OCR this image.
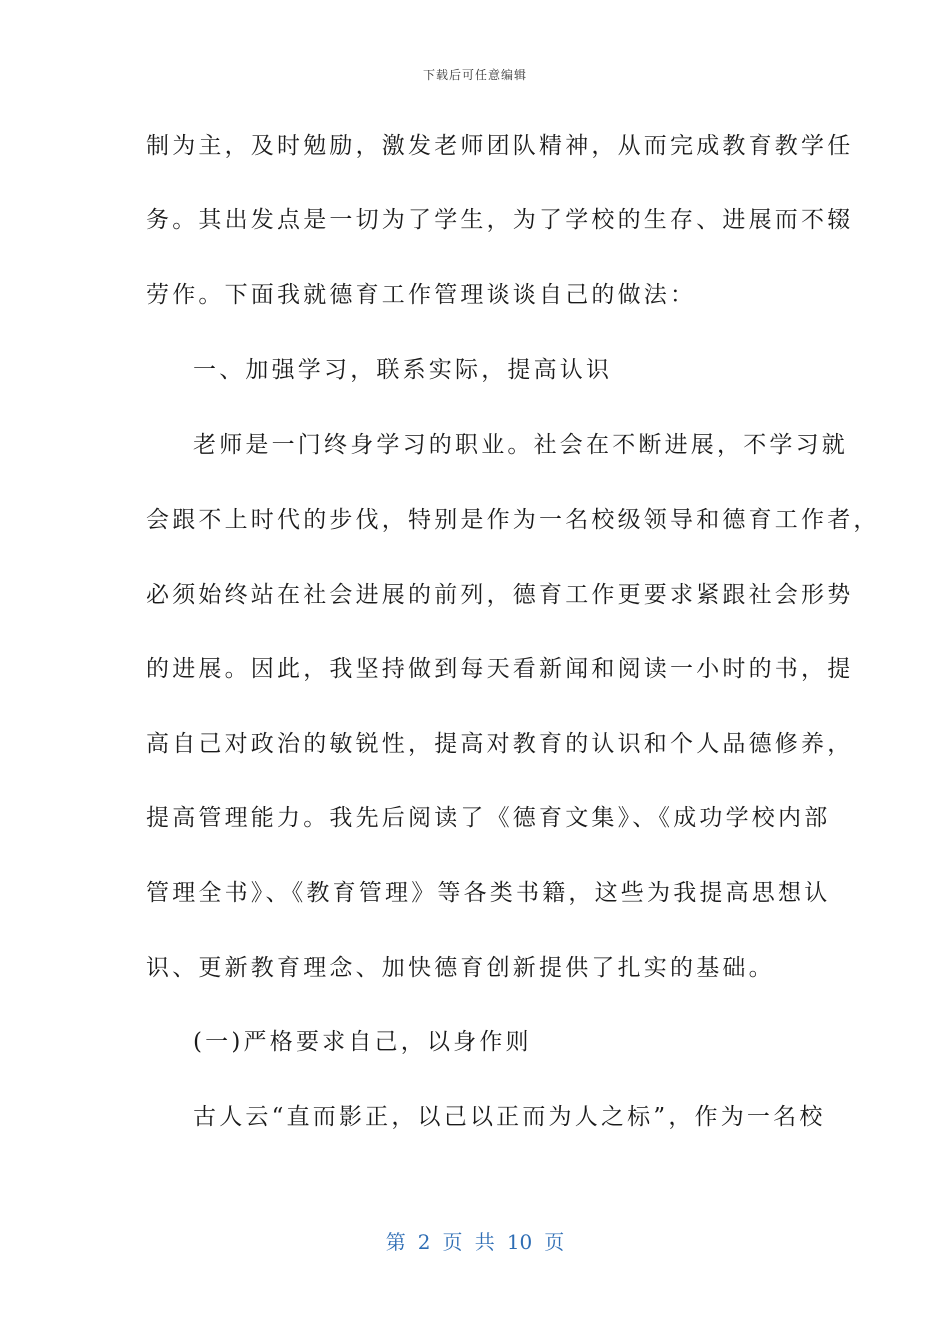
下载后可任意编辑
制为主，及时勉励，激发老师团队精神，从而完成教育教学任
务。其出发点是一切为了学生，为了学校的生存、进展而不辍
劳作。下面我就德育工作管理谈谈自己的做法：
一、加强学习，联系实际，提高认识
老师是一门终身学习的职业。社会在不断进展，不学习就
会跟不上时代的步伐，特别是作为一名校级领导和德育工作者，
必须始终站在社会进展的前列，德育工作更要求紧跟社会形势
的进展。因此，我坚持做到每天看新闻和阅读一小时的书，提
高自己对政治的敏锐性，提高对教育的认识和个人品德修养，
提高管理能力。我先后阅读了《德育文集》、《成功学校内部
管理全书》、《教育管理》等各类书籍，这些为我提高思想认
识、更新教育理念、加快德育创新提供了扎实的基础。
(一)严格要求自己，以身作则
古人云“直而影正，以己以正而为人之标”，作为一名校
第 2 页 共 10 页
